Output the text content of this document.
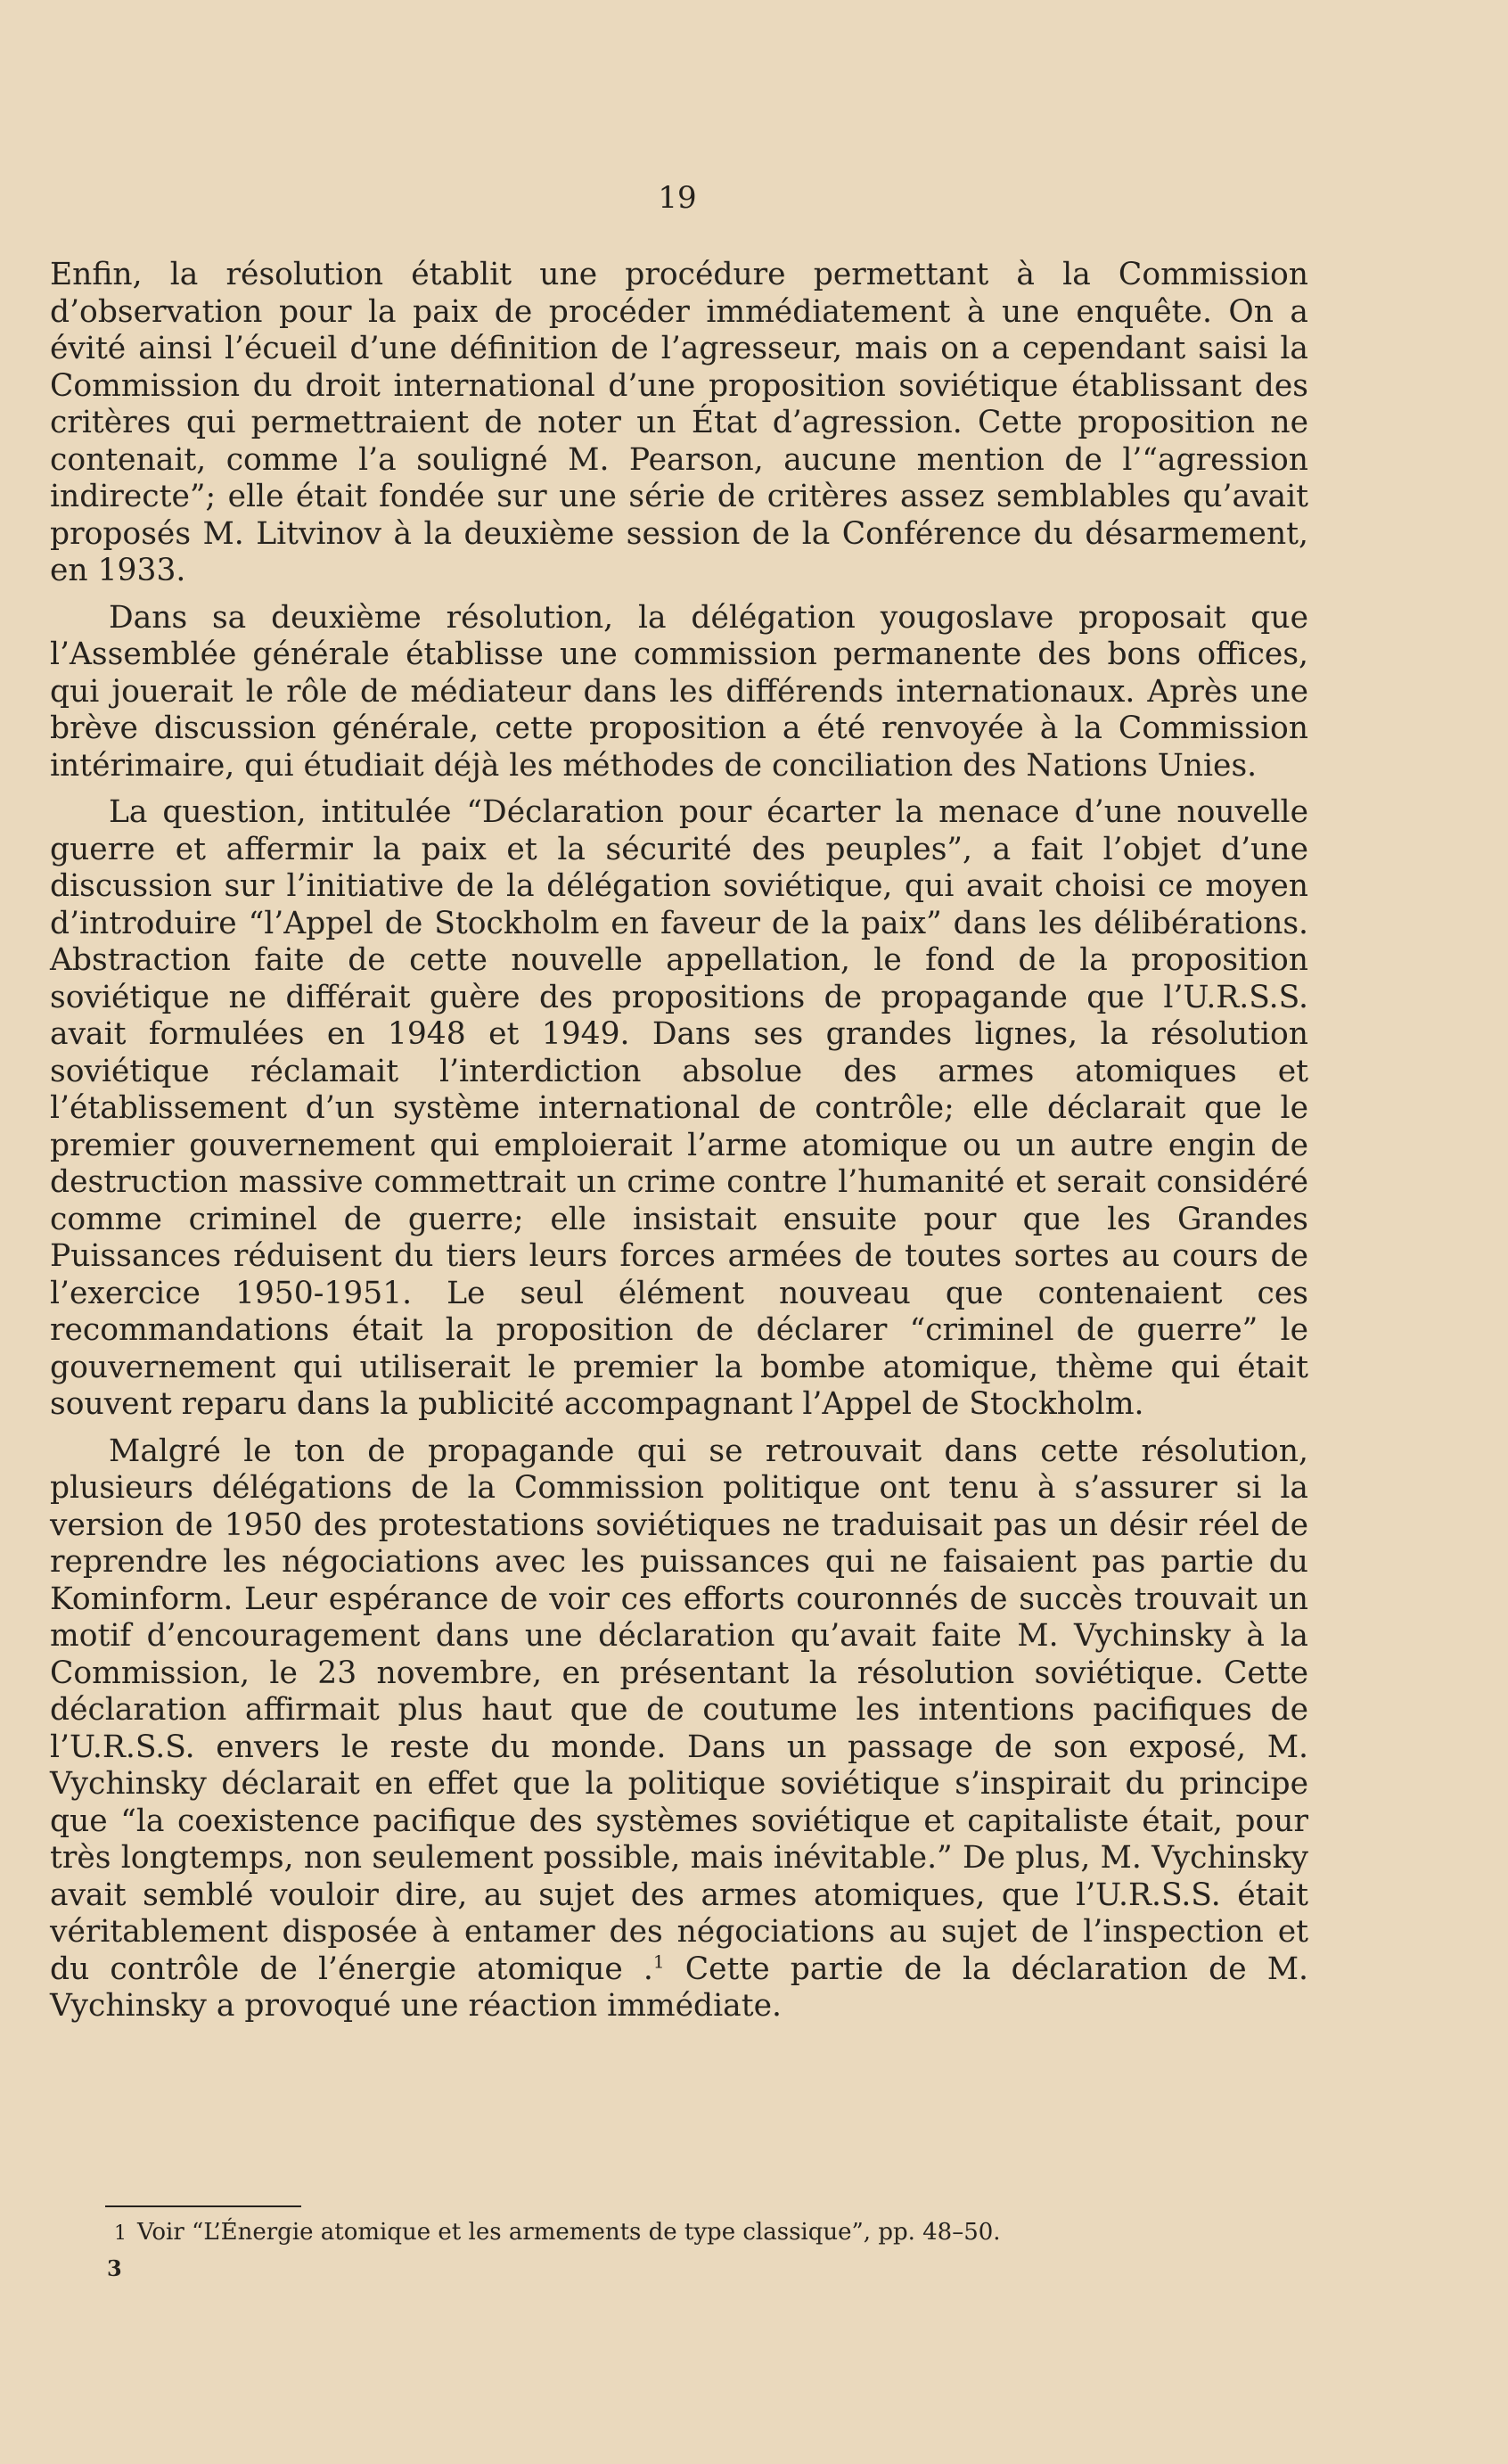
19

Enfin, la résolution établit une procédure permettant à la Commission d’observation pour la paix de procéder immédiatement à une enquête. On a évité ainsi l’écueil d’une définition de l’agresseur, mais on a cependant saisi la Commission du droit international d’une proposition soviétique établissant des critères qui permettraient de noter un État d’agression. Cette proposition ne contenait, comme l’a souligné M. Pearson, aucune mention de l’“agression indirecte”; elle était fondée sur une série de critères assez semblables qu’avait proposés M. Litvinov à la deuxième session de la Conférence du désarmement, en 1933.

Dans sa deuxième résolution, la délégation yougoslave proposait que l’Assemblée générale établisse une commission permanente des bons offices, qui jouerait le rôle de médiateur dans les différends internationaux. Après une brève discussion générale, cette proposition a été renvoyée à la Commission intérimaire, qui étudiait déjà les méthodes de conciliation des Nations Unies.

La question, intitulée “Déclaration pour écarter la menace d’une nouvelle guerre et affermir la paix et la sécurité des peuples”, a fait l’objet d’une discussion sur l’initiative de la délégation soviétique, qui avait choisi ce moyen d’introduire “l’Appel de Stockholm en faveur de la paix” dans les délibérations. Abstraction faite de cette nouvelle appellation, le fond de la proposition soviétique ne différait guère des propositions de propagande que l’U.R.S.S. avait formulées en 1948 et 1949. Dans ses grandes lignes, la résolution soviétique réclamait l’interdiction absolue des armes atomiques et l’établissement d’un système international de contrôle; elle déclarait que le premier gouvernement qui emploierait l’arme atomique ou un autre engin de destruction massive commettrait un crime contre l’humanité et serait considéré comme criminel de guerre; elle insistait ensuite pour que les Grandes Puissances réduisent du tiers leurs forces armées de toutes sortes au cours de l’exercice 1950-1951. Le seul élément nouveau que contenaient ces recommandations était la proposition de déclarer “criminel de guerre” le gouvernement qui utiliserait le premier la bombe atomique, thème qui était souvent reparu dans la publicité accompagnant l’Appel de Stockholm.

Malgré le ton de propagande qui se retrouvait dans cette résolution, plusieurs délégations de la Commission politique ont tenu à s’assurer si la version de 1950 des protestations soviétiques ne traduisait pas un désir réel de reprendre les négociations avec les puissances qui ne faisaient pas partie du Kominform. Leur espérance de voir ces efforts couronnés de succès trouvait un motif d’encouragement dans une déclaration qu’avait faite M. Vychinsky à la Commission, le 23 novembre, en présentant la résolution soviétique. Cette déclaration affirmait plus haut que de coutume les intentions pacifiques de l’U.R.S.S. envers le reste du monde. Dans un passage de son exposé, M. Vychinsky déclarait en effet que la politique soviétique s’inspirait du principe que “la coexistence pacifique des systèmes soviétique et capitaliste était, pour très longtemps, non seulement possible, mais inévitable.” De plus, M. Vychinsky avait semblé vouloir dire, au sujet des armes atomiques, que l’U.R.S.S. était véritablement disposée à entamer des négociations au sujet de l’inspection et du contrôle de l’énergie atomique .$^1$ Cette partie de la déclaration de M. Vychinsky a provoqué une réaction immédiate.

1 Voir “L’Énergie atomique et les armements de type classique”, pp. 48–50.
3
